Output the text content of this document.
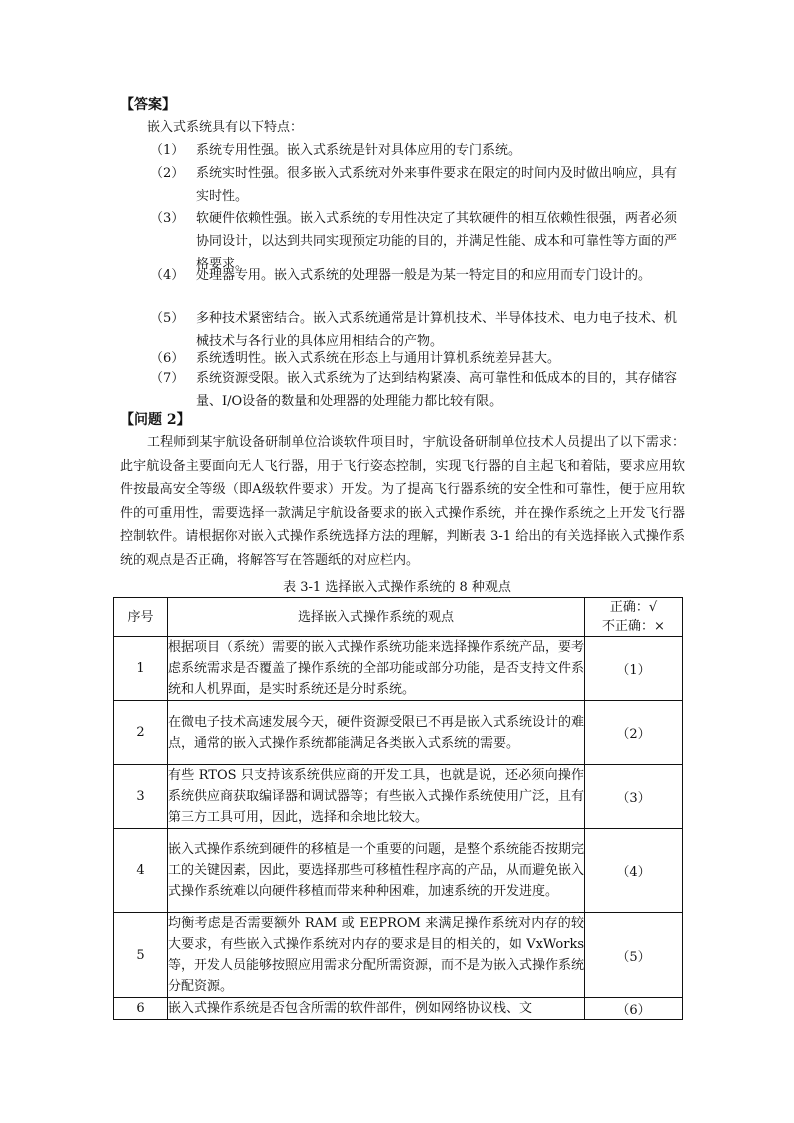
【答案】
嵌入式系统具有以下特点：
（1） 系统专用性强。嵌入式系统是针对具体应用的专门系统。
（2） 系统实时性强。很多嵌入式系统对外来事件要求在限定的时间内及时做出响应，具有实时性。
（3） 软硬件依赖性强。嵌入式系统的专用性决定了其软硬件的相互依赖性很强，两者必须协同设计，以达到共同实现预定功能的目的，并满足性能、成本和可靠性等方面的严格要求。
（4） 处理器专用。嵌入式系统的处理器一般是为某一特定目的和应用而专门设计的。
（5） 多种技术紧密结合。嵌入式系统通常是计算机技术、半导体技术、电力电子技术、机械技术与各行业的具体应用相结合的产物。
（6） 系统透明性。嵌入式系统在形态上与通用计算机系统差异甚大。
（7） 系统资源受限。嵌入式系统为了达到结构紧凑、高可靠性和低成本的目的，其存储容量、I/O设备的数量和处理器的处理能力都比较有限。
【问题 2】
工程师到某宇航设备研制单位洽谈软件项目时，宇航设备研制单位技术人员提出了以下需求：此宇航设备主要面向无人飞行器，用于飞行姿态控制，实现飞行器的自主起飞和着陆，要求应用软件按最高安全等级（即A级软件要求）开发。为了提高飞行器系统的安全性和可靠性，便于应用软件的可重用性，需要选择一款满足宇航设备要求的嵌入式操作系统，并在操作系统之上开发飞行器控制软件。请根据你对嵌入式操作系统选择方法的理解，判断表 3-1 给出的有关选择嵌入式操作系统的观点是否正确，将解答写在答题纸的对应栏内。
表 3-1 选择嵌入式操作系统的 8 种观点
序号	选择嵌入式操作系统的观点	正确：√
不正确：×

1	根据项目（系统）需要的嵌入式操作系统功能来选择操作系统产品，要考虑系统需求是否覆盖了操作系统的全部功能或部分功能，是否支持文件系统和人机界面，是实时系统还是分时系统。	（1）
2	在微电子技术高速发展今天，硬件资源受限已不再是嵌入式系统设计的难点，通常的嵌入式操作系统都能满足各类嵌入式系统的需要。	（2）
3	有些 RTOS 只支持该系统供应商的开发工具，也就是说，还必须向操作系统供应商获取编译器和调试器等；有些嵌入式操作系统使用广泛，且有第三方工具可用，因此，选择和余地比较大。	（3）
4	嵌入式操作系统到硬件的移植是一个重要的问题，是整个系统能否按期完工的关键因素，因此，要选择那些可移植性程序高的产品，从而避免嵌入式操作系统难以向硬件移植而带来种种困难，加速系统的开发进度。	（4）
5	均衡考虑是否需要额外 RAM 或 EEPROM 来满足操作系统对内存的较大要求，有些嵌入式操作系统对内存的要求是目的相关的，如 VxWorks 等，开发人员能够按照应用需求分配所需资源，而不是为嵌入式操作系统分配资源。	（5）
6	嵌入式操作系统是否包含所需的软件部件，例如网络协议栈、文	（6）
